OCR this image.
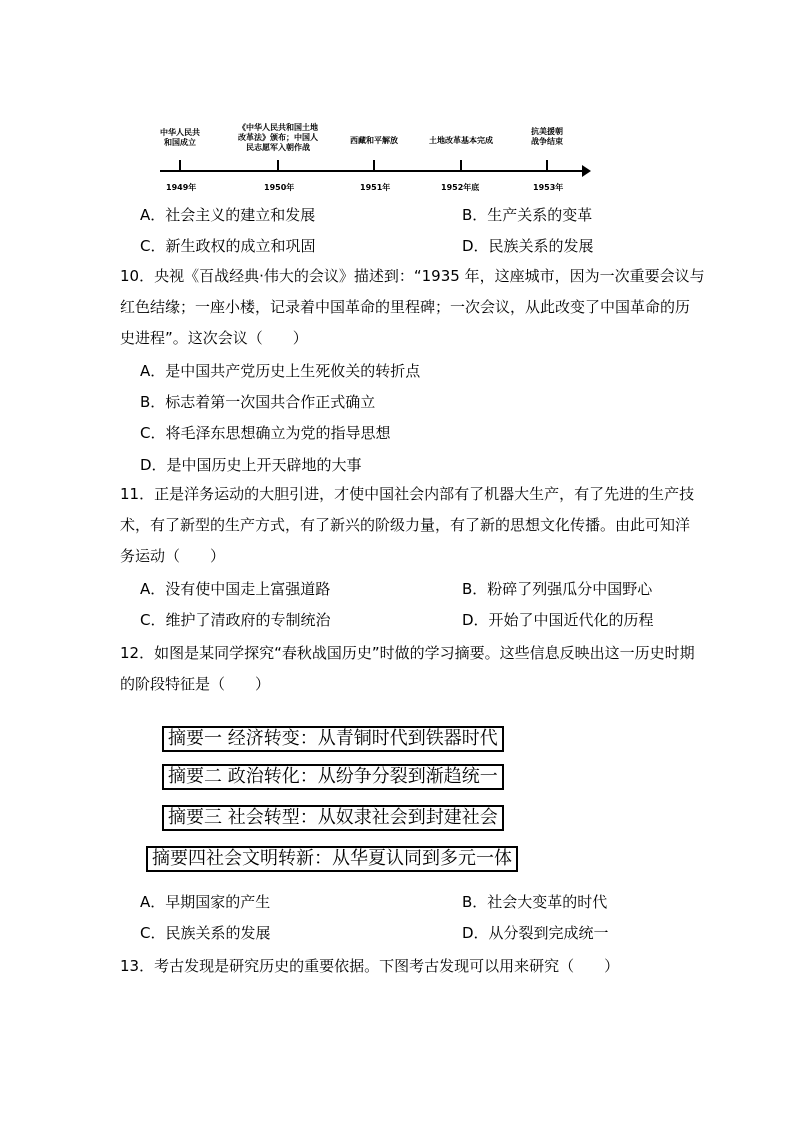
中华人民共
和国成立
《中华人民共和国土地
改革法》颁布；中国人
民志愿军入朝作战
西藏和平解放	土地改革基本完成
抗美援朝
战争结束
1949年	1950年	1951年	1952年底	1953年
A．社会主义的建立和发展	B．生产关系的变革
C．新生政权的成立和巩固	D．民族关系的发展
10．央视《百战经典·伟大的会议》描述到：“1935 年，这座城市，因为一次重要会议与
红色结缘；一座小楼，记录着中国革命的里程碑；一次会议，从此改变了中国革命的历
史进程”。这次会议（　　）
A．是中国共产党历史上生死攸关的转折点
B．标志着第一次国共合作正式确立
C．将毛泽东思想确立为党的指导思想
D．是中国历史上开天辟地的大事
11．正是洋务运动的大胆引进，才使中国社会内部有了机器大生产，有了先进的生产技
术，有了新型的生产方式，有了新兴的阶级力量，有了新的思想文化传播。由此可知洋
务运动（　　）
A．没有使中国走上富强道路	B．粉碎了列强瓜分中国野心
C．维护了清政府的专制统治	D．开始了中国近代化的历程
12．如图是某同学探究“春秋战国历史”时做的学习摘要。这些信息反映出这一历史时期
的阶段特征是（　　）
摘要一 经济转变：从青铜时代到铁器时代
摘要二 政治转化：从纷争分裂到渐趋统一
摘要三 社会转型：从奴隶社会到封建社会
摘要四社会文明转新：从华夏认同到多元一体
A．早期国家的产生	B．社会大变革的时代
C．民族关系的发展	D．从分裂到完成统一
13．考古发现是研究历史的重要依据。下图考古发现可以用来研究（　　）
